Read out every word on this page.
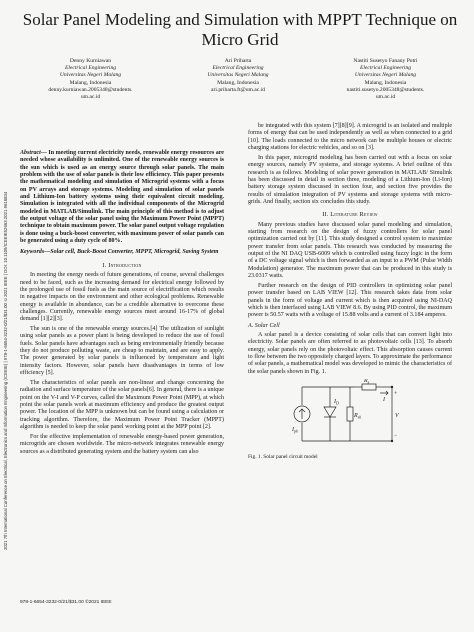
2021 7th International Conference on Electrical, Electronics and Information Engineering (ICEEIE) | 978-1-6654-3232-0/21/$31.00 ©2021 IEEE | DOI: 10.1109/ICEEIE52663.2021.9616834
Solar Panel Modeling and Simulation with MPPT Technique on Micro Grid
Denny Kurniawan
Electrical Engineering
Universitas Negeri Malang
Malang, Indonesia
denny.kurniawan.2005348@students.
um.ac.id
Ari Priharta
Electrical Engineering
Universitas Negeri Malang
Malang, Indonesia
ari.priharta.ft@um.ac.id
Nastiti Susetyo Fanany Putri
Electrical Engineering
Universitas Negeri Malang
Malang, Indonesia
nastiti.susetyo.2005348@students.
um.ac.id

Abstract— In meeting current electricity needs, renewable energy resources are needed whose availability is unlimited. One of the renewable energy sources is the sun which is used as an energy source through solar panels. The main problem with the use of solar panels is their low efficiency. This paper presents the mathematical modeling and simulation of Microgrid systems with a focus on PV arrays and storage systems. Modeling and simulation of solar panels and Lithium-Ion battery systems using their equivalent circuit modeling. Simulation is integrated with all the individual components of the Microgrid modeled in MATLAB/Simulink. The main principle of this method is to adjust the output voltage of the solar panel using the Maximum Power Point (MPPT) technique to obtain maximum power. The solar panel output voltage regulation is done using a buck-boost converter, with maximum power of solar panels can be generated using a duty cycle of 80%.

Keywords—Solar cell, Buck-Boost Converter, MPPT, Microgrid, Saving System

I. Introduction

In meeting the energy needs of future generations, of course, several challenges need to be faced, such as the increasing demand for electrical energy followed by the prolonged use of fossil fuels as the main source of electrification which results in negative impacts on the environment and other ecological problems. Renewable energy is available in abundance, can be a credible alternative to overcome these challenges. Currently, renewable energy sources meet around 16-17% of global demand [1][2][3].

The sun is one of the renewable energy sources.[4] The utilization of sunlight using solar panels as a power plant is being developed to reduce the use of fossil fuels. Solar panels have advantages such as being environmentally friendly because they do not produce polluting waste, are cheap to maintain, and are easy to apply. The power generated by solar panels is influenced by temperature and light intensity factors. However, solar panels have disadvantages in terms of low efficiency [5].

The characteristics of solar panels are non-linear and change concerning the radiation and surface temperature of the solar panels[6]. In general, there is a unique point on the V-I and V-P curves, called the Maximum Power Point (MPP), at which point the solar panels work at maximum efficiency and produce the greatest output power. The location of the MPP is unknown but can be found using a calculation or tracking algorithm. Therefore, the Maximum Power Point Tracker (MPPT) algorithm is needed to keep the solar panel working point at the MPP point [2].

For the effective implementation of renewable energy-based power generation, microgrids are chosen worldwide. The micro-network integrates renewable energy sources as a distributed generating system and the battery system can also

be integrated with this system [7][8][9]. A microgrid is an isolated and multiple forms of energy that can be used independently as well as when connected to a grid [10]. The loads connected to the micro network can be multiple houses or electric charging stations for electric vehicles, and so on [3].

In this paper, microgrid modeling has been carried out with a focus on solar energy sources, namely PV systems, and storage systems. A brief outline of this research is as follows. Modeling of solar power generation in MATLAB/ Simulink has been discussed in detail in section three, modeling of a Lithium-Ion (Li-Ion) battery storage system discussed in section four, and section five provides the results of simulation integration of PV systems and storage systems with micro-grids. And finally, section six concludes this study.

II. Literature Review

Many previous studies have discussed solar panel modeling and simulation, starting from research on the design of fuzzy controllers for solar panel optimization carried out by [11]. This study designed a control system to maximize power transfer from solar panels. This research was conducted by measuring the output of the NI DAQ USB-6009 which is controlled using fuzzy logic in the form of a DC voltage signal which is then forwarded as an input to a PWM (Pulse Width Modulation) generator. The maximum power that can be produced in this study is 23.0317 watts.

Further research on the design of PID controllers in optimizing solar panel power transfer based on LAB VIEW [12]. This research takes data from solar panels in the form of voltage and current which is then acquired using NI-DAQ which is then interfaced using LAB VIEW 8.6. By using PID control, the maximum power is 50.57 watts with a voltage of 15.88 volts and a current of 3.184 amperes.

A. Solar Cell

A solar panel is a device consisting of solar cells that can convert light into electricity. Solar panels are often referred to as photovoltaic cells [13]. To absorb energy, solar panels rely on the photovoltaic effect. This absorption causes current to flow between the two oppositely charged layers. To approximate the performance of solar panels, a mathematical model was developed to mimic the characteristics of the solar panels shown in Fig. 1.

$I_{ph}$
$I_D$
$R_{sh}$
$R_s$
I
V
+
−
Fig. 1. Solar panel circuit model
978-1-6654-3232-0/21/$31.00 ©2021 IEEE
